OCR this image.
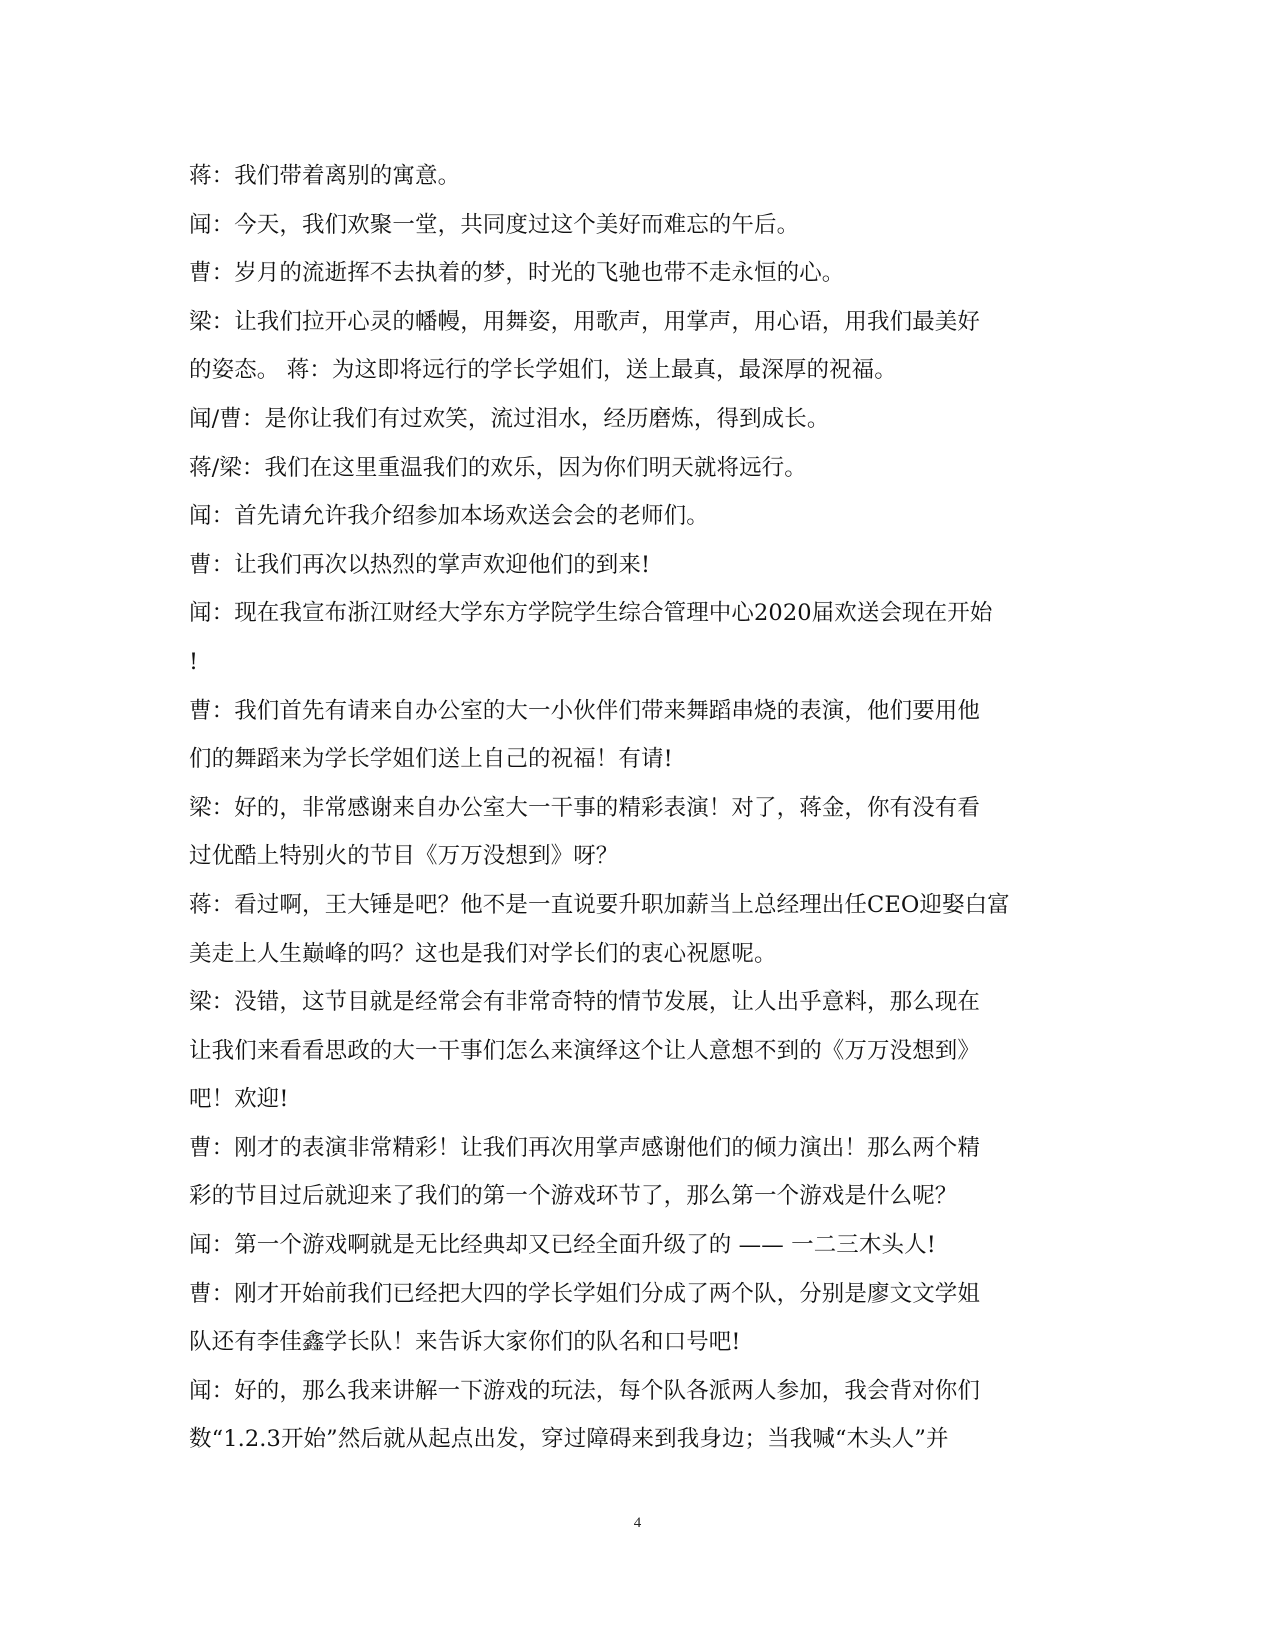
蒋：我们带着离别的寓意。
闻：今天，我们欢聚一堂，共同度过这个美好而难忘的午后。
曹：岁月的流逝挥不去执着的梦，时光的飞驰也带不走永恒的心。
梁：让我们拉开心灵的幡幔，用舞姿，用歌声，用掌声，用心语，用我们最美好
的姿态。 蒋：为这即将远行的学长学姐们，送上最真，最深厚的祝福。
闻/曹：是你让我们有过欢笑，流过泪水，经历磨炼，得到成长。
蒋/梁：我们在这里重温我们的欢乐，因为你们明天就将远行。
闻：首先请允许我介绍参加本场欢送会会的老师们。
曹：让我们再次以热烈的掌声欢迎他们的到来!
闻：现在我宣布浙江财经大学东方学院学生综合管理中心2020届欢送会现在开始
!
曹：我们首先有请来自办公室的大一小伙伴们带来舞蹈串烧的表演，他们要用他
们的舞蹈来为学长学姐们送上自己的祝福！有请!
梁：好的，非常感谢来自办公室大一干事的精彩表演！对了，蒋金，你有没有看
过优酷上特别火的节目《万万没想到》呀？
蒋：看过啊，王大锤是吧？他不是一直说要升职加薪当上总经理出任CEO迎娶白富
美走上人生巅峰的吗？这也是我们对学长们的衷心祝愿呢。
梁：没错，这节目就是经常会有非常奇特的情节发展，让人出乎意料，那么现在
让我们来看看思政的大一干事们怎么来演绎这个让人意想不到的《万万没想到》
吧！欢迎!
曹：刚才的表演非常精彩！让我们再次用掌声感谢他们的倾力演出！那么两个精
彩的节目过后就迎来了我们的第一个游戏环节了，那么第一个游戏是什么呢？
闻：第一个游戏啊就是无比经典却又已经全面升级了的 —— 一二三木头人!
曹：刚才开始前我们已经把大四的学长学姐们分成了两个队，分别是廖文文学姐
队还有李佳鑫学长队！来告诉大家你们的队名和口号吧!
闻：好的，那么我来讲解一下游戏的玩法，每个队各派两人参加，我会背对你们
数“1.2.3开始”然后就从起点出发，穿过障碍来到我身边；当我喊“木头人”并
4
